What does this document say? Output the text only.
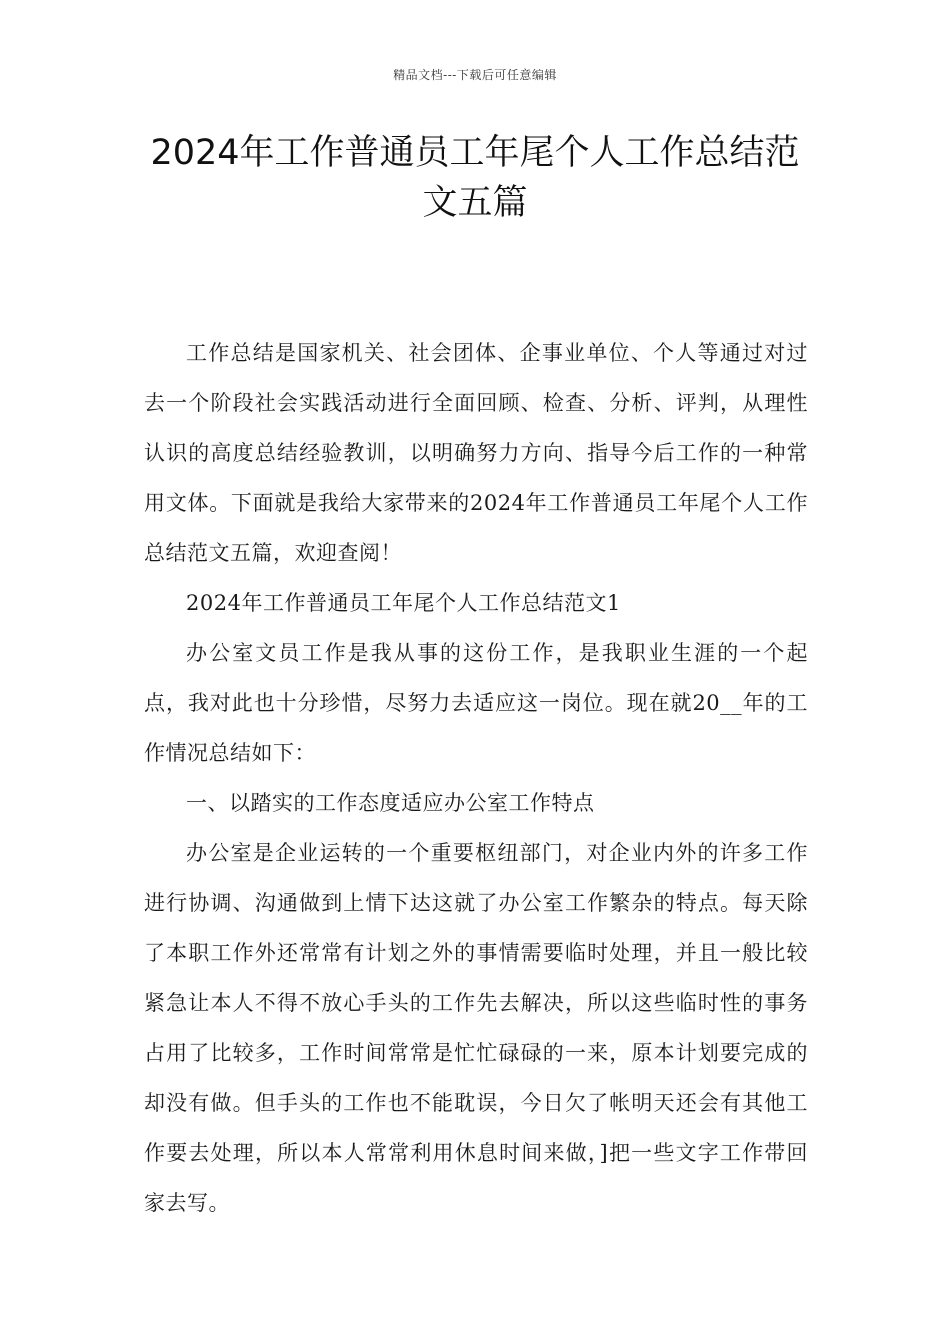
精品文档---下载后可任意编辑
2024年工作普通员工年尾个人工作总结范文五篇

工作总结是国家机关、社会团体、企事业单位、个人等通过对过去一个阶段社会实践活动进行全面回顾、检查、分析、评判，从理性认识的高度总结经验教训，以明确努力方向、指导今后工作的一种常用文体。下面就是我给大家带来的2024年工作普通员工年尾个人工作总结范文五篇，欢迎查阅！

2024年工作普通员工年尾个人工作总结范文1

办公室文员工作是我从事的这份工作，是我职业生涯的一个起点，我对此也十分珍惜，尽努力去适应这一岗位。现在就20__年的工作情况总结如下：

一、以踏实的工作态度适应办公室工作特点

办公室是企业运转的一个重要枢纽部门，对企业内外的许多工作进行协调、沟通做到上情下达这就了办公室工作繁杂的特点。每天除了本职工作外还常常有计划之外的事情需要临时处理，并且一般比较紧急让本人不得不放心手头的工作先去解决，所以这些临时性的事务占用了比较多，工作时间常常是忙忙碌碌的一来，原本计划要完成的却没有做。但手头的工作也不能耽误，今日欠了帐明天还会有其他工作要去处理，所以本人常常利用休息时间来做，]把一些文字工作带回家去写。
